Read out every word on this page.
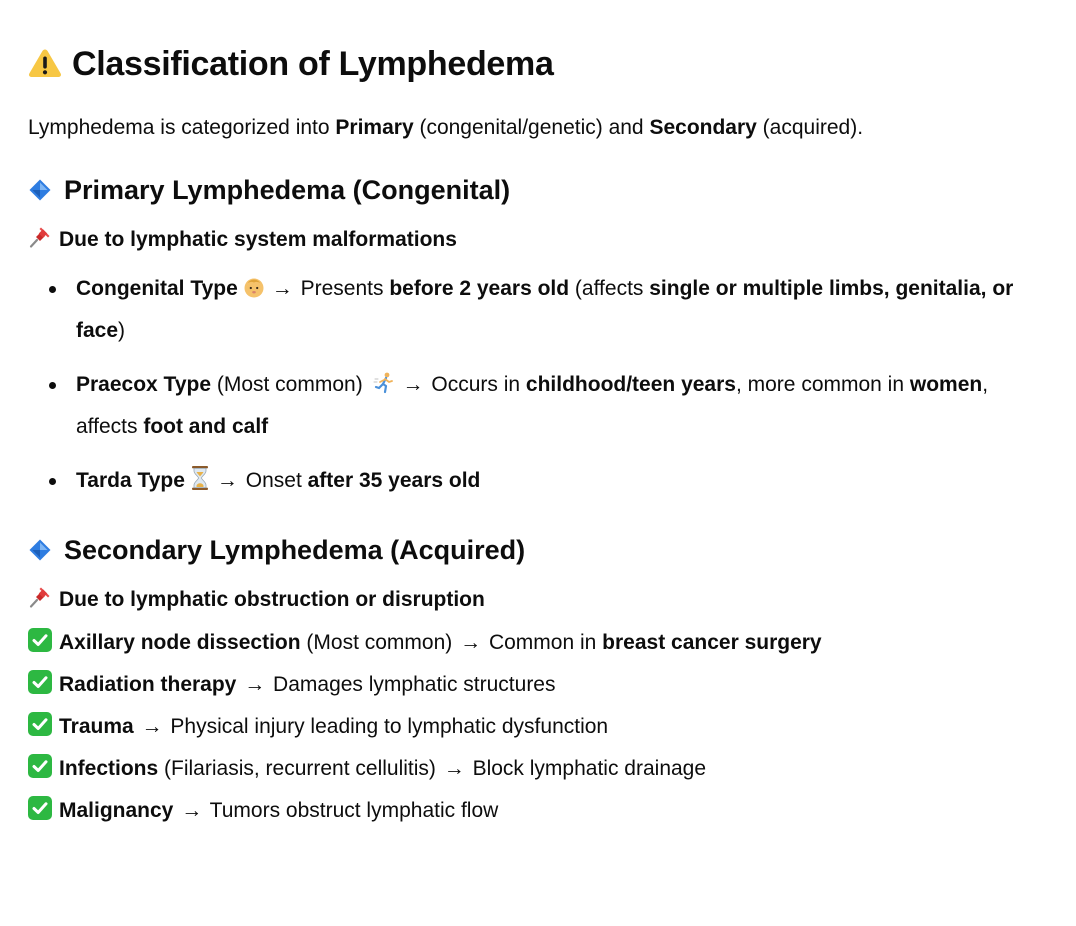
Classification of Lymphedema

Lymphedema is categorized into Primary (congenital/genetic) and Secondary (acquired).

Primary Lymphedema (Congenital)

Due to lymphatic system malformations

Congenital Type → Presents before 2 years old (affects single or multiple limbs, genitalia, or face)
Praecox Type (Most common) → Occurs in childhood/teen years, more common in women, affects foot and calf
Tarda Type → Onset after 35 years old
Secondary Lymphedema (Acquired)

Due to lymphatic obstruction or disruption

Axillary node dissection (Most common) → Common in breast cancer surgery
Radiation therapy → Damages lymphatic structures
Trauma → Physical injury leading to lymphatic dysfunction
Infections (Filariasis, recurrent cellulitis) → Block lymphatic drainage
Malignancy → Tumors obstruct lymphatic flow
